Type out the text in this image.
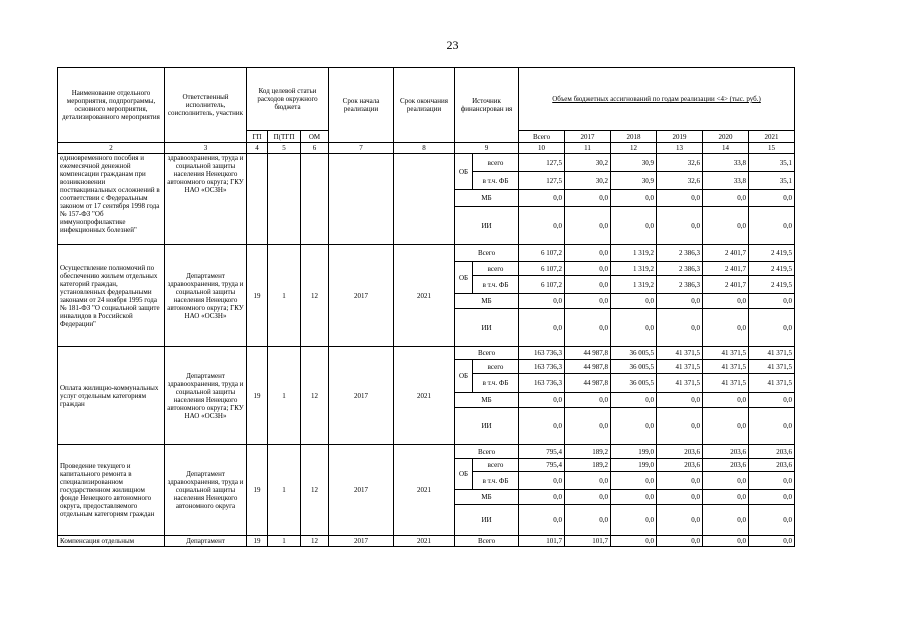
23
Наименование отдельного мероприятия, подпрограммы, основного мероприятия, детализированного мероприятия	Ответственный исполнитель, соисполнитель, участник	Код целевой статьи расходов окружного бюджета			Срок начала реализации	Срок окончания реализации	Источник финансирован ия		Объем бюджетных ассигнований по годам реализации <4> (тыс. руб.)					
		ГП	П(ТГП	ОМ					Всего	2017	2018	2019	2020	2021
2	3	4	5	6	7	8	9		10	11	12	13	14	15
единовременного пособия и ежемесячной денежной компенсации гражданам при возникновении поствакцинальных осложнений в соответствии с Федеральным законом от 17 сентября 1998 года № 157-ФЗ "Об иммунопрофилактике инфекционных болезней"	здравоохранения, труда и социальной защиты населения Ненецкого автономного округа; ГКУ НАО «ОСЗН»						ОБ	всего	127,5	30,2	30,9	32,6	33,8	35,1
								в т.ч. ФБ	127,5	30,2	30,9	32,6	33,8	35,1
							МБ		0,0	0,0	0,0	0,0	0,0	0,0
							ИИ		0,0	0,0	0,0	0,0	0,0	0,0
Осуществление полномочий по обеспечению жильем отдельных категорий граждан, установленных федеральными законами от 24 ноября 1995 года № 181-ФЗ "О социальной защите инвалидов в Российской Федерации"	Департамент здравоохранения, труда и социальной защиты населения Ненецкого автономного округа; ГКУ НАО «ОСЗН»	19	1	12	2017	2021	Всего		6 107,2	0,0	1 319,2	2 386,3	2 401,7	2 419,5
							ОБ	всего	6 107,2	0,0	1 319,2	2 386,3	2 401,7	2 419,5
								в т.ч. ФБ	6 107,2	0,0	1 319,2	2 386,3	2 401,7	2 419,5
							МБ		0,0	0,0	0,0	0,0	0,0	0,0
							ИИ		0,0	0,0	0,0	0,0	0,0	0,0
Оплата жилищно-коммунальных услуг отдельным категориям граждан	Департамент здравоохранения, труда и социальной защиты населения Ненецкого автономного округа; ГКУ НАО «ОСЗН»	19	1	12	2017	2021	Всего		163 736,3	44 987,8	36 005,5	41 371,5	41 371,5	41 371,5
							ОБ	всего	163 736,3	44 987,8	36 005,5	41 371,5	41 371,5	41 371,5
								в т.ч. ФБ	163 736,3	44 987,8	36 005,5	41 371,5	41 371,5	41 371,5
							МБ		0,0	0,0	0,0	0,0	0,0	0,0
							ИИ		0,0	0,0	0,0	0,0	0,0	0,0
Проведение текущего и капитального ремонта в специализированном государственном жилищном фонде Ненецкого автономного округа, предоставляемого отдельным категориям граждан	Департамент здравоохранения, труда и социальной защиты населения Ненецкого автономного округа	19	1	12	2017	2021	Всего		795,4	189,2	199,0	203,6	203,6	203,6
							ОБ	всего	795,4	189,2	199,0	203,6	203,6	203,6
								в т.ч. ФБ	0,0	0,0	0,0	0,0	0,0	0,0
							МБ		0,0	0,0	0,0	0,0	0,0	0,0
							ИИ		0,0	0,0	0,0	0,0	0,0	0,0
Компенсация отдельным	Департамент	19	1	12	2017	2021	Всего		101,7	101,7	0,0	0,0	0,0	0,0
